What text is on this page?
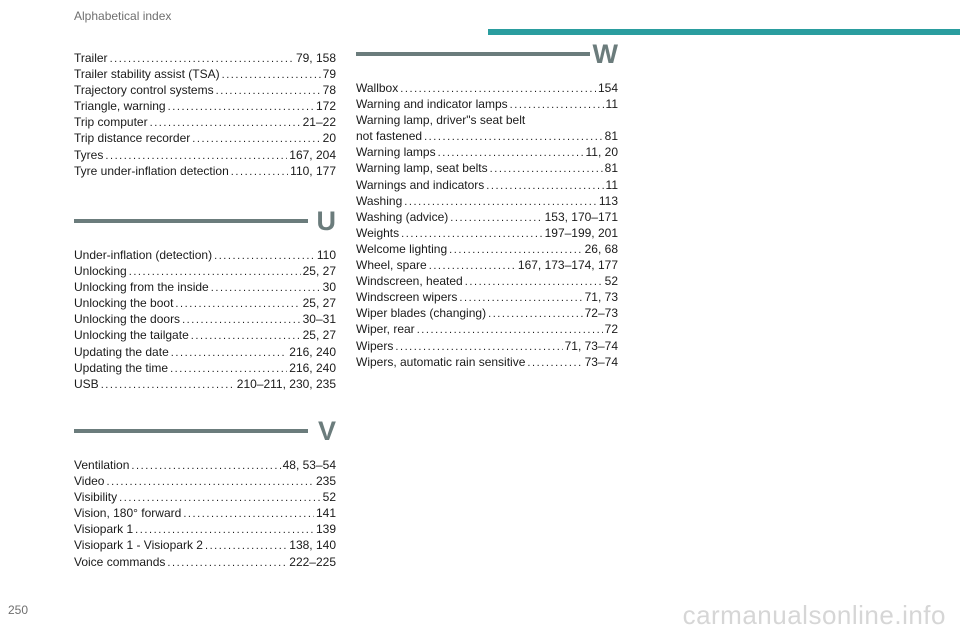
Alphabetical index
Trailer . . .	79, 158
Trailer stability assist (TSA) . . .	79
Trajectory control systems . . .	78
Triangle, warning . . .	172
Trip computer . . .	21–22
Trip distance recorder . . .	20
Tyres . . .	167, 204
Tyre under-inflation detection . . .	110, 177
U
Under-inflation (detection) . . .	110
Unlocking . . .	25, 27
Unlocking from the inside . . .	30
Unlocking the boot . . .	25, 27
Unlocking the doors . . .	30–31
Unlocking the tailgate . . .	25, 27
Updating the date . . .	216, 240
Updating the time . . .	216, 240
USB . . .	210–211, 230, 235
V
Ventilation . . .	48, 53–54
Video . . .	235
Visibility . . .	52
Vision, 180° forward . . .	141
Visiopark 1 . . .	139
Visiopark 1 - Visiopark 2 . . .	138, 140
Voice commands . . .	222–225
W
Wallbox . . .	154
Warning and indicator lamps . . .	11
Warning lamp, driver"s seat belt
not fastened . . .	81
Warning lamps . . .	11, 20
Warning lamp, seat belts . . .	81
Warnings and indicators . . .	11
Washing . . .	113
Washing (advice) . . .	153, 170–171
Weights . . .	197–199, 201
Welcome lighting . . .	26, 68
Wheel, spare . . .	167, 173–174, 177
Windscreen, heated . . .	52
Windscreen wipers . . .	71, 73
Wiper blades (changing) . . .	72–73
Wiper, rear . . .	72
Wipers . . .	71, 73–74
Wipers, automatic rain sensitive . . .	73–74
250	carmanualsonline.info
